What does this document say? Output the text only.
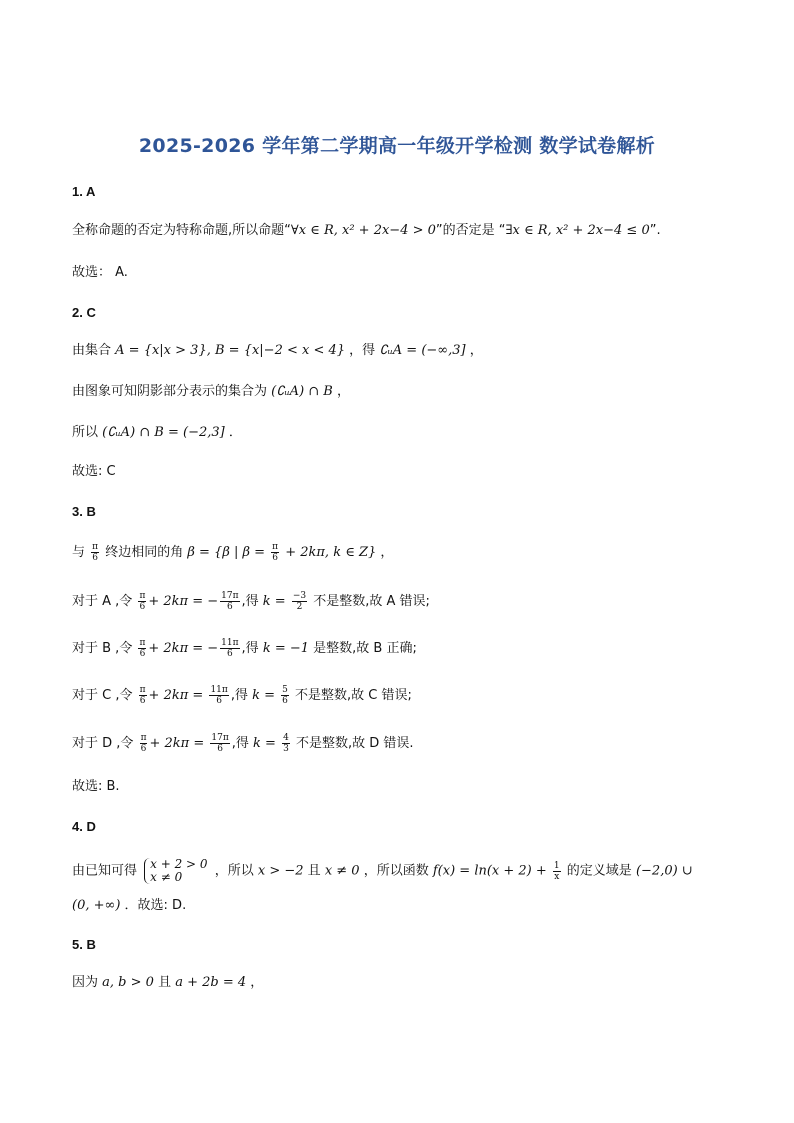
2025-2026 学年第二学期高一年级开学检测 数学试卷解析
1. A
全称命题的否定为特称命题,所以命题“∀x ∈ R, x² + 2x−4 > 0”的否定是 “∃x ∈ R, x² + 2x−4 ≤ 0”.
故选： A.
2. C
由集合 A = {x|x > 3}, B = {x|−2 < x < 4} ，得 ∁ᵤA = (−∞,3] ，
由图象可知阴影部分表示的集合为 (∁ᵤA) ∩ B ，
所以 (∁ᵤA) ∩ B = (−2,3] ．
故选: C
3. B
与 $\frac{\pi}{6}$ 终边相同的角 β = {β | $\beta = \frac{\pi}{6} + 2k\pi$, k ∈ Z} ，
对于 A ,令 $\frac{\pi}{6} + 2k\pi$ = − $\frac{17\pi}{6}$ ,得 $k = \frac{-3}{2}$ 不是整数,故 A 错误;
对于 B ,令 $\frac{\pi}{6} + 2k\pi$ = − $\frac{11\pi}{6}$ ,得 k = −1 是整数,故 B 正确;
对于 C ,令 $\frac{\pi}{6} + 2k\pi = \frac{11\pi}{6}$ ,得 $k = \frac{5}{6}$ 不是整数,故 C 错误;
对于 D ,令 $\frac{\pi}{6} + 2k\pi = \frac{17\pi}{6}$ ,得 $k = \frac{4}{3}$ 不是整数,故 D 错误.
故选: B.
4. D
由已知可得 x + 2 > 0
x ≠ 0	，所以 x > −2 且 x ≠ 0 ，所以函数 $f(x) = \ln(x + 2) + \frac{1}{x}$ 的定义域是 (−2,0) ∪
(0, +∞) ．故选: D.
5. B
因为 a, b > 0 且 a + 2b = 4 ，
